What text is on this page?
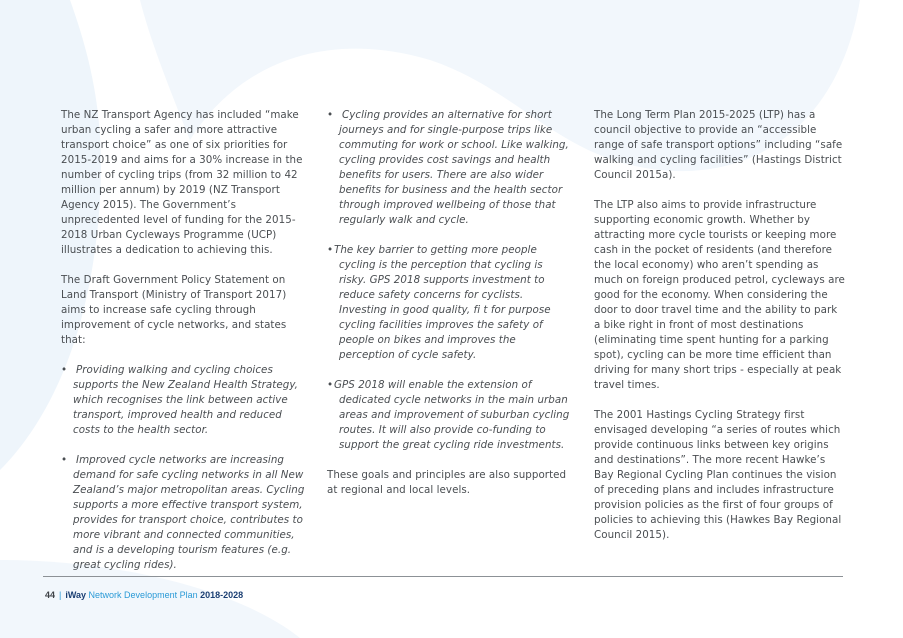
The NZ Transport Agency has included “make urban cycling a safer and more attractive transport choice” as one of six priorities for 2015-2019 and aims for a 30% increase in the number of cycling trips (from 32 million to 42 million per annum) by 2019 (NZ Transport Agency 2015). The Government’s unprecedented level of funding for the 2015-2018 Urban Cycleways Programme (UCP) illustrates a dedication to achieving this.

The Draft Government Policy Statement on Land Transport (Ministry of Transport 2017) aims to increase safe cycling through improvement of cycle networks, and states that:

• Providing walking and cycling choices supports the New Zealand Health Strategy, which recognises the link between active transport, improved health and reduced costs to the health sector.
• Improved cycle networks are increasing demand for safe cycling networks in all New Zealand’s major metropolitan areas. Cycling supports a more effective transport system, provides for transport choice, contributes to more vibrant and connected communities, and is a developing tourism features (e.g. great cycling rides).
• Cycling provides an alternative for short journeys and for single-purpose trips like commuting for work or school. Like walking, cycling provides cost savings and health benefits for users. There are also wider benefits for business and the health sector through improved wellbeing of those that regularly walk and cycle.
• The key barrier to getting more people cycling is the perception that cycling is risky. GPS 2018 supports investment to reduce safety concerns for cyclists. Investing in good quality, fi t for purpose cycling facilities improves the safety of people on bikes and improves the perception of cycle safety.
• GPS 2018 will enable the extension of dedicated cycle networks in the main urban areas and improvement of suburban cycling routes. It will also provide co-funding to support the great cycling ride investments.

These goals and principles are also supported at regional and local levels.

The Long Term Plan 2015-2025 (LTP) has a council objective to provide an “accessible range of safe transport options” including “safe walking and cycling facilities” (Hastings District Council 2015a).

The LTP also aims to provide infrastructure supporting economic growth. Whether by attracting more cycle tourists or keeping more cash in the pocket of residents (and therefore the local economy) who aren’t spending as much on foreign produced petrol, cycleways are good for the economy. When considering the door to door travel time and the ability to park a bike right in front of most destinations (eliminating time spent hunting for a parking spot), cycling can be more time efficient than driving for many short trips - especially at peak travel times.

The 2001 Hastings Cycling Strategy first envisaged developing “a series of routes which provide continuous links between key origins and destinations”. The more recent Hawke’s Bay Regional Cycling Plan continues the vision of preceding plans and includes infrastructure provision policies as the first of four groups of policies to achieving this (Hawkes Bay Regional Council 2015).

44 | iWay Network Development Plan 2018-2028
